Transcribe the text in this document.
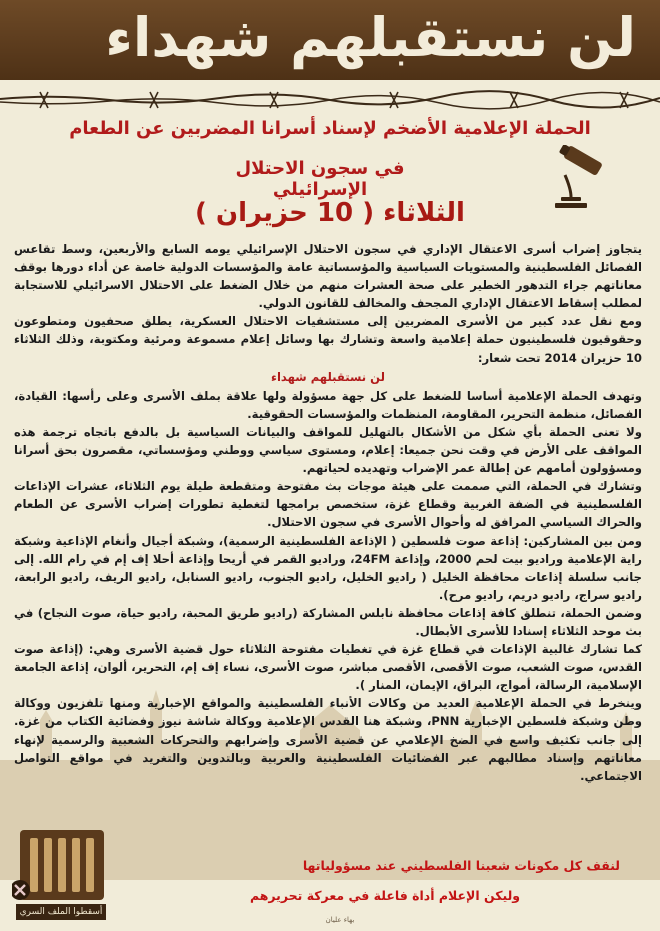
لن نستقبلهم شهداء
الحملة الإعلامية الأضخم لإسناد أسرانا المضربين عن الطعام
في سجون الاحتلال الإسرائيلي
الثلاثاء ( 10 حزيران )

يتجاوز إضراب أسرى الاعتقال الإداري في سجون الاحتلال الإسرائيلي يومه السابع والأربعين، وسط تقاعس الفصائل الفلسطينية والمستويات السياسية والمؤسساتية عامة والمؤسسات الدولية خاصة عن أداء دورها بوقف معاناتهم جراء التدهور الخطير على صحة العشرات منهم من خلال الضغط على الاحتلال الاسرائيلي للاستجابة لمطلب إسقاط الاعتقال الإداري المجحف والمخالف للقانون الدولي.

ومع نقل عدد كبير من الأسرى المضربين إلى مستشفيات الاحتلال العسكرية، يطلق صحفيون ومتطوعون وحقوقيون فلسطينيون حملة إعلامية واسعة وتشارك بها وسائل إعلام مسموعة ومرئية ومكتوبة، وذلك الثلاثاء 10 حزيران 2014 تحت شعار:

لن نستقبلهم شهداء

وتهدف الحملة الإعلامية أساسا للضغط على كل جهة مسؤولة ولها علاقة بملف الأسرى وعلى رأسها: القيادة، الفصائل، منظمة التحرير، المقاومة، المنظمات والمؤسسات الحقوقية.

ولا تعنى الحملة بأي شكل من الأشكال بالتهليل للمواقف والبيانات السياسية بل بالدفع باتجاه ترجمة هذه المواقف على الأرض في وقت نحن جميعا: إعلام، ومستوى سياسي ووطني ومؤسساتي، مقصرون بحق أسرانا ومسؤولون أمامهم عن إطالة عمر الإضراب وتهديده لحياتهم.

وتشارك في الحملة، التي صممت على هيئة موجات بث مفتوحة ومتقطعة طيلة يوم الثلاثاء، عشرات الإذاعات الفلسطينية في الضفة الغربية وقطاع غزة، ستخصص برامجها لتغطية تطورات إضراب الأسرى عن الطعام والحراك السياسي المرافق له وأحوال الأسرى في سجون الاحتلال.

ومن بين المشاركين: إذاعة صوت فلسطين ( الإذاعة الفلسطينية الرسمية)، وشبكة أجيال وأنغام الإذاعية وشبكة راية الإعلامية وراديو بيت لحم 2000، وإذاعة 24FM، وراديو القمر في أريحا وإذاعة أحلا إف إم في رام الله. إلى جانب سلسلة إذاعات محافظة الخليل ( راديو الخليل، راديو الجنوب، راديو السنابل، راديو الريف، راديو الرابعة، راديو سراج، راديو دريم، راديو مرح).

وضمن الحملة، تنطلق كافة إذاعات محافظة نابلس المشاركة (راديو طريق المحبة، راديو حياة، صوت النجاح) في بث موحد الثلاثاء إسنادا للأسرى الأبطال.

كما تشارك غالبية الإذاعات في قطاع غزة في تغطيات مفتوحة الثلاثاء حول قضية الأسرى وهي: (إذاعة صوت القدس، صوت الشعب، صوت الأقصى، الأقصى مباشر، صوت الأسرى، نساء إف إم، التحرير، ألوان، إذاعة الجامعة الإسلامية، الرسالة، أمواج، البراق، الإيمان، المنار ).

وينخرط في الحملة الإعلامية العديد من وكالات الأنباء الفلسطينية والمواقع الإخبارية ومنها تلفزيون ووكالة وطن وشبكة فلسطين الإخبارية PNN، وشبكة هنا القدس الإعلامية ووكالة شاشة نيوز وفضائية الكتاب من غزة. إلى جانب تكثيف واسع في الضخ الإعلامي عن قضية الأسرى وإضرابهم والتحركات الشعبية والرسمية لإنهاء معاناتهم وإسناد مطالبهم عبر الفضائيات الفلسطينية والعربية وبالتدوين والتغريد في مواقع التواصل الاجتماعي.

أسقطوا الملف السري
لنقف كل مكونات شعبنا الفلسطيني عند مسؤولياتها
وليكن الإعلام أداة فاعلة في معركة تحريرهم
بهاء عليان
